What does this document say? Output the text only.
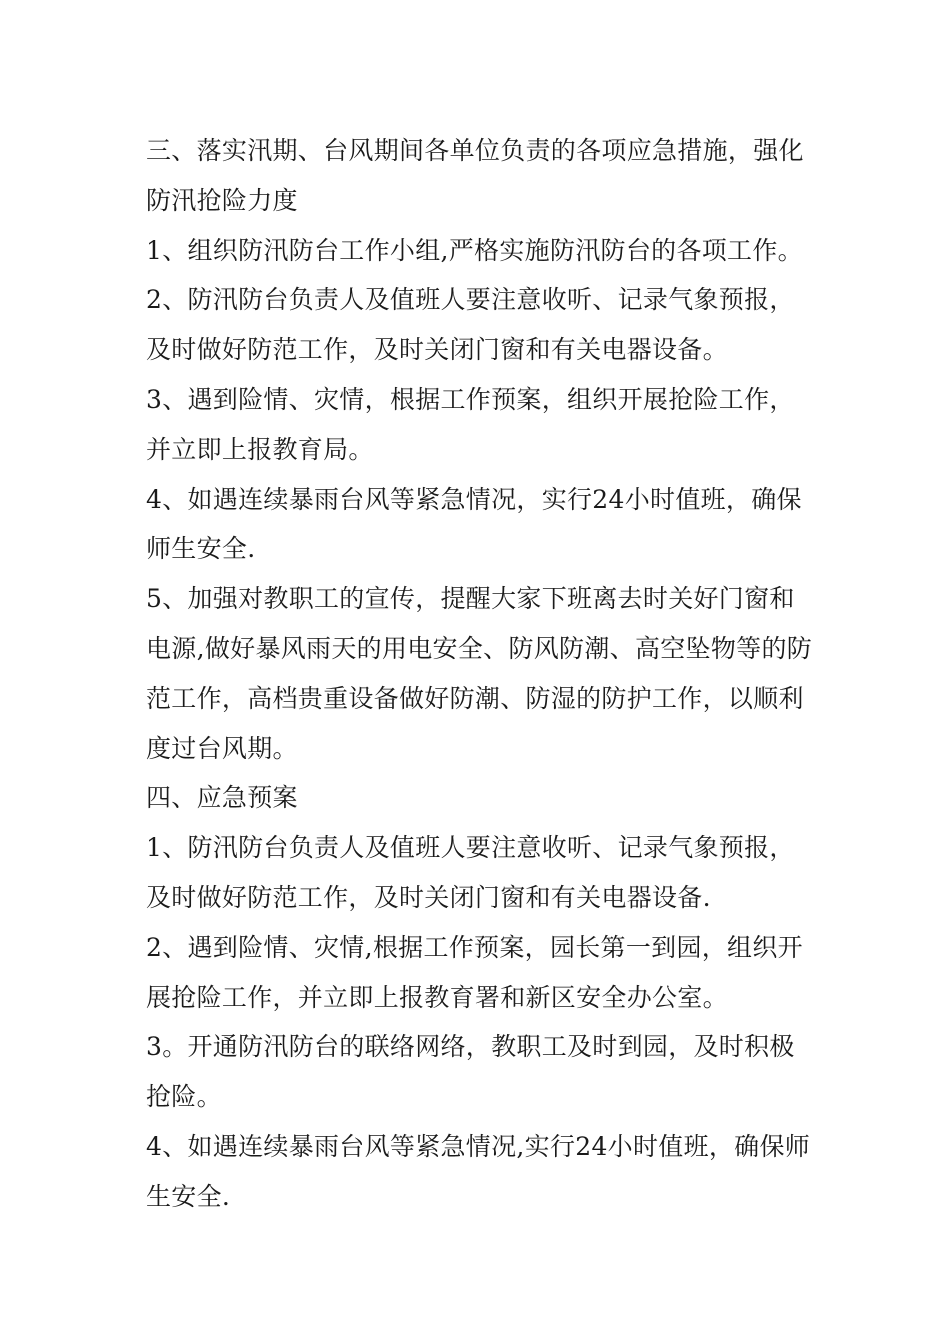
三、落实汛期、台风期间各单位负责的各项应急措施，强化防汛抢险力度

1、组织防汛防台工作小组,严格实施防汛防台的各项工作。

2、防汛防台负责人及值班人要注意收听、记录气象预报，及时做好防范工作，及时关闭门窗和有关电器设备。

3、遇到险情、灾情，根据工作预案，组织开展抢险工作，并立即上报教育局。

4、如遇连续暴雨台风等紧急情况，实行24小时值班，确保师生安全.

5、加强对教职工的宣传，提醒大家下班离去时关好门窗和电源,做好暴风雨天的用电安全、防风防潮、高空坠物等的防范工作，高档贵重设备做好防潮、防湿的防护工作，以顺利度过台风期。

四、应急预案

1、防汛防台负责人及值班人要注意收听、记录气象预报，及时做好防范工作，及时关闭门窗和有关电器设备.

2、遇到险情、灾情,根据工作预案，园长第一到园，组织开展抢险工作，并立即上报教育署和新区安全办公室。

3。开通防汛防台的联络网络，教职工及时到园，及时积极抢险。

4、如遇连续暴雨台风等紧急情况,实行24小时值班，确保师生安全.
